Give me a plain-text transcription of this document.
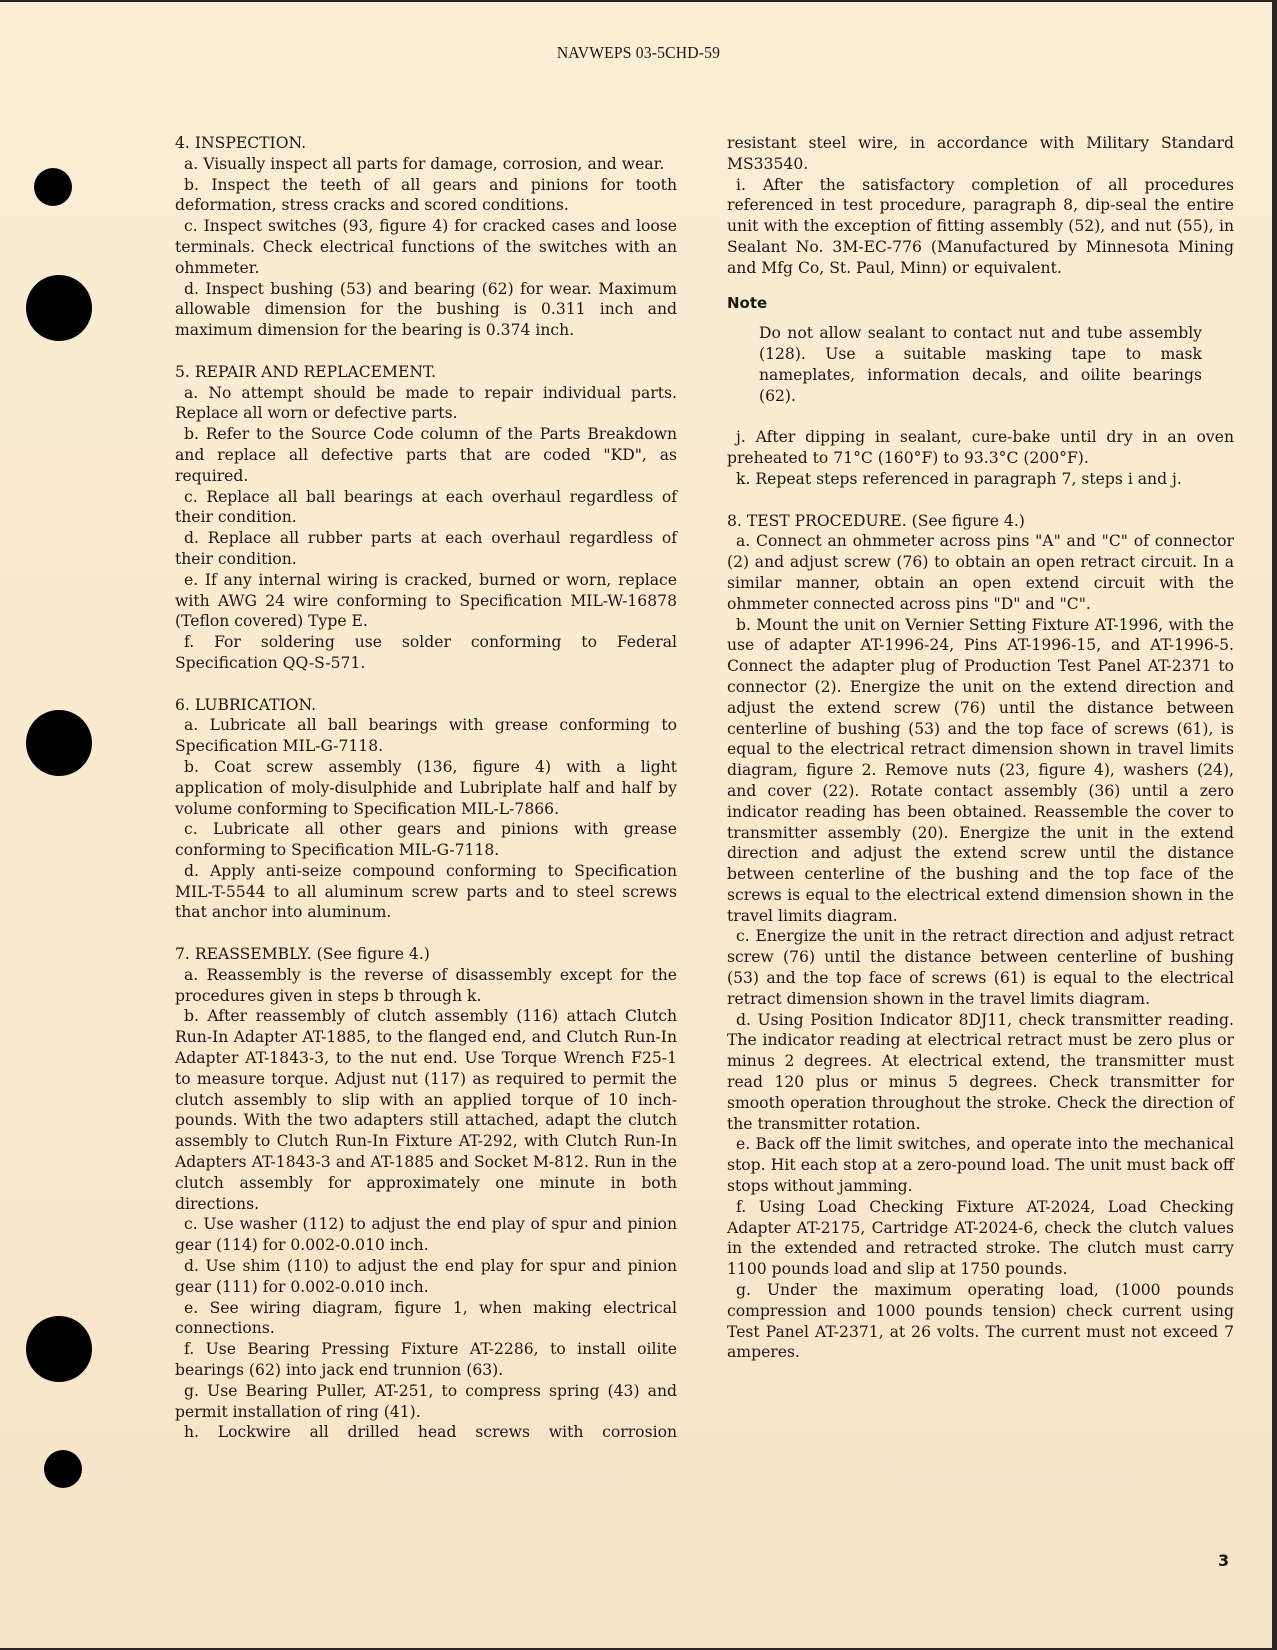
NAVWEPS 03-5CHD-59

4. INSPECTION.

a. Visually inspect all parts for damage, corrosion, and wear.

b. Inspect the teeth of all gears and pinions for tooth deformation, stress cracks and scored conditions.

c. Inspect switches (93, figure 4) for cracked cases and loose terminals. Check electrical functions of the switches with an ohmmeter.

d. Inspect bushing (53) and bearing (62) for wear. Maximum allowable dimension for the bushing is 0.311 inch and maximum dimension for the bearing is 0.374 inch.

5. REPAIR AND REPLACEMENT.

a. No attempt should be made to repair individual parts. Replace all worn or defective parts.

b. Refer to the Source Code column of the Parts Breakdown and replace all defective parts that are coded "KD", as required.

c. Replace all ball bearings at each overhaul regardless of their condition.

d. Replace all rubber parts at each overhaul regardless of their condition.

e. If any internal wiring is cracked, burned or worn, replace with AWG 24 wire conforming to Specification MIL-W-16878 (Teflon covered) Type E.

f. For soldering use solder conforming to Federal Specification QQ-S-571.

6. LUBRICATION.

a. Lubricate all ball bearings with grease conforming to Specification MIL-G-7118.

b. Coat screw assembly (136, figure 4) with a light application of moly-disulphide and Lubriplate half and half by volume conforming to Specification MIL-L-7866.

c. Lubricate all other gears and pinions with grease conforming to Specification MIL-G-7118.

d. Apply anti-seize compound conforming to Specification MIL-T-5544 to all aluminum screw parts and to steel screws that anchor into aluminum.

7. REASSEMBLY. (See figure 4.)

a. Reassembly is the reverse of disassembly except for the procedures given in steps b through k.

b. After reassembly of clutch assembly (116) attach Clutch Run-In Adapter AT-1885, to the flanged end, and Clutch Run-In Adapter AT-1843-3, to the nut end. Use Torque Wrench F25-1 to measure torque. Adjust nut (117) as required to permit the clutch assembly to slip with an applied torque of 10 inch-pounds. With the two adapters still attached, adapt the clutch assembly to Clutch Run-In Fixture AT-292, with Clutch Run-In Adapters AT-1843-3 and AT-1885 and Socket M-812. Run in the clutch assembly for approximately one minute in both directions.

c. Use washer (112) to adjust the end play of spur and pinion gear (114) for 0.002-0.010 inch.

d. Use shim (110) to adjust the end play for spur and pinion gear (111) for 0.002-0.010 inch.

e. See wiring diagram, figure 1, when making electrical connections.

f. Use Bearing Pressing Fixture AT-2286, to install oilite bearings (62) into jack end trunnion (63).

g. Use Bearing Puller, AT-251, to compress spring (43) and permit installation of ring (41).

h. Lockwire all drilled head screws with corrosion

resistant steel wire, in accordance with Military Standard MS33540.

i. After the satisfactory completion of all procedures referenced in test procedure, paragraph 8, dip-seal the entire unit with the exception of fitting assembly (52), and nut (55), in Sealant No. 3M-EC-776 (Manufactured by Minnesota Mining and Mfg Co, St. Paul, Minn) or equivalent.

Note

Do not allow sealant to contact nut and tube assembly (128). Use a suitable masking tape to mask nameplates, information decals, and oilite bearings (62).

j. After dipping in sealant, cure-bake until dry in an oven preheated to 71°C (160°F) to 93.3°C (200°F).

k. Repeat steps referenced in paragraph 7, steps i and j.

8. TEST PROCEDURE. (See figure 4.)

a. Connect an ohmmeter across pins "A" and "C" of connector (2) and adjust screw (76) to obtain an open retract circuit. In a similar manner, obtain an open extend circuit with the ohmmeter connected across pins "D" and "C".

b. Mount the unit on Vernier Setting Fixture AT-1996, with the use of adapter AT-1996-24, Pins AT-1996-15, and AT-1996-5. Connect the adapter plug of Production Test Panel AT-2371 to connector (2). Energize the unit on the extend direction and adjust the extend screw (76) until the distance between centerline of bushing (53) and the top face of screws (61), is equal to the electrical retract dimension shown in travel limits diagram, figure 2. Remove nuts (23, figure 4), washers (24), and cover (22). Rotate contact assembly (36) until a zero indicator reading has been obtained. Reassemble the cover to transmitter assembly (20). Energize the unit in the extend direction and adjust the extend screw until the distance between centerline of the bushing and the top face of the screws is equal to the electrical extend dimension shown in the travel limits diagram.

c. Energize the unit in the retract direction and adjust retract screw (76) until the distance between centerline of bushing (53) and the top face of screws (61) is equal to the electrical retract dimension shown in the travel limits diagram.

d. Using Position Indicator 8DJ11, check transmitter reading. The indicator reading at electrical retract must be zero plus or minus 2 degrees. At electrical extend, the transmitter must read 120 plus or minus 5 degrees. Check transmitter for smooth operation throughout the stroke. Check the direction of the transmitter rotation.

e. Back off the limit switches, and operate into the mechanical stop. Hit each stop at a zero-pound load. The unit must back off stops without jamming.

f. Using Load Checking Fixture AT-2024, Load Checking Adapter AT-2175, Cartridge AT-2024-6, check the clutch values in the extended and retracted stroke. The clutch must carry 1100 pounds load and slip at 1750 pounds.

g. Under the maximum operating load, (1000 pounds compression and 1000 pounds tension) check current using Test Panel AT-2371, at 26 volts. The current must not exceed 7 amperes.

3
